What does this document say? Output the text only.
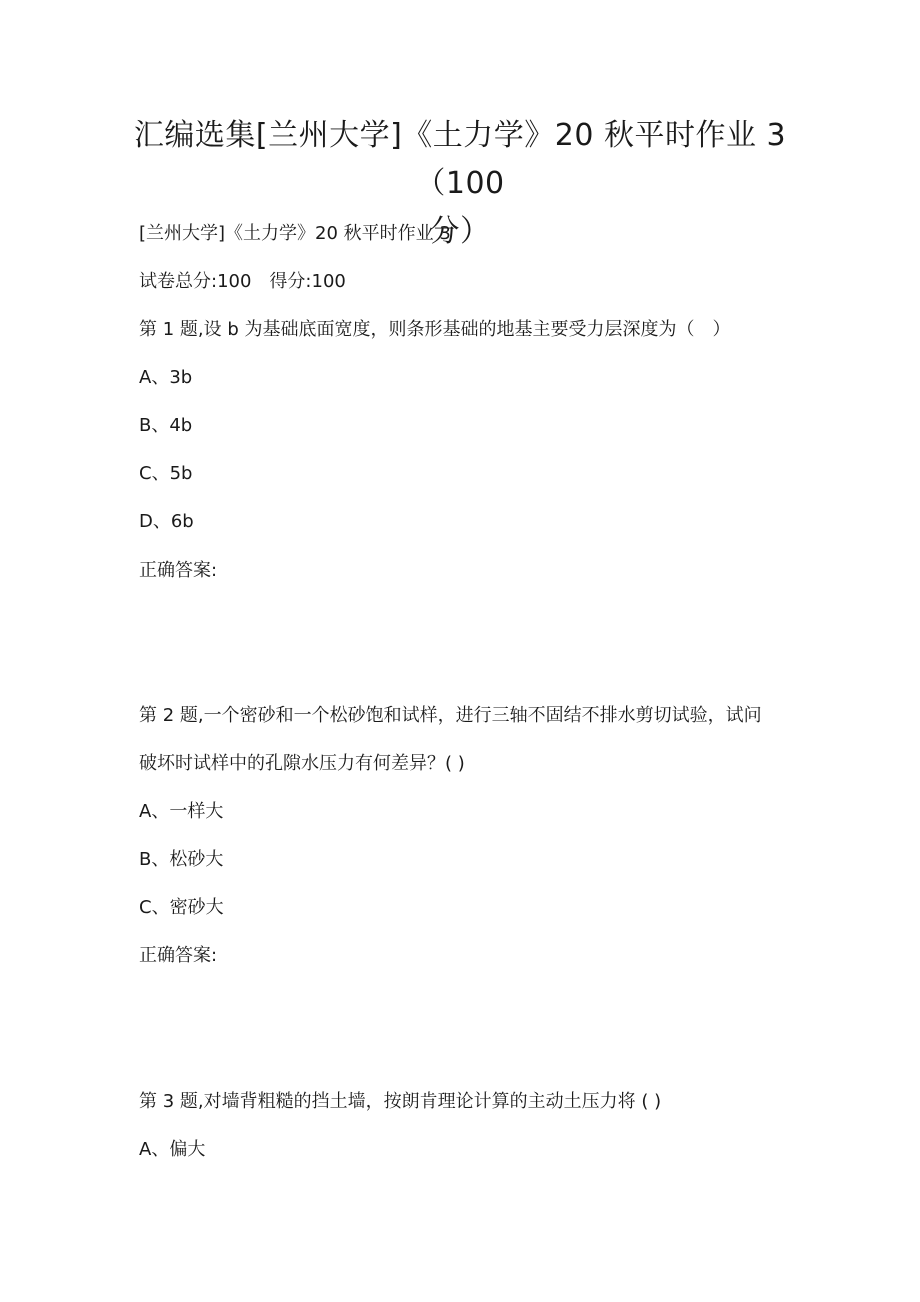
汇编选集[兰州大学]《土力学》20 秋平时作业 3（100
分）
[兰州大学]《土力学》20 秋平时作业 3
试卷总分:100 得分:100
第 1 题,设 b 为基础底面宽度，则条形基础的地基主要受力层深度为（　）
A、3b
B、4b
C、5b
D、6b
正确答案:
第 2 题,一个密砂和一个松砂饱和试样，进行三轴不固结不排水剪切试验，试问
破坏时试样中的孔隙水压力有何差异？( )
A、一样大
B、松砂大
C、密砂大
正确答案:
第 3 题,对墙背粗糙的挡土墙，按朗肯理论计算的主动土压力将 ( )
A、偏大
